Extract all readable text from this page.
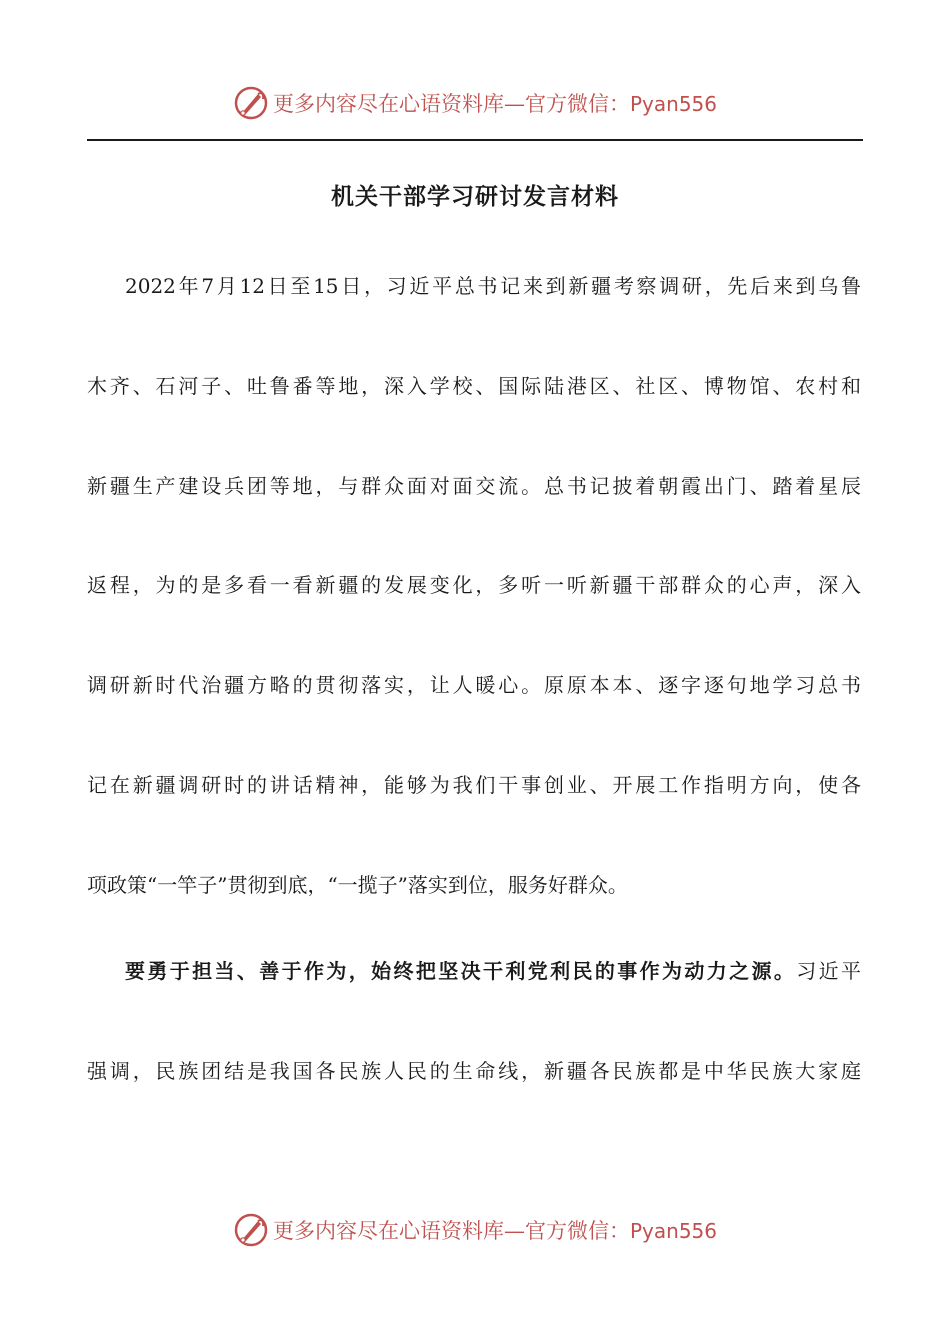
更多内容尽在心语资料库—官方微信：Pyan556
机关干部学习研讨发言材料
2022年7月12日至15日，习近平总书记来到新疆考察调研，先后来到乌鲁
木齐、石河子、吐鲁番等地，深入学校、国际陆港区、社区、博物馆、农村和
新疆生产建设兵团等地，与群众面对面交流。总书记披着朝霞出门、踏着星辰
返程，为的是多看一看新疆的发展变化，多听一听新疆干部群众的心声，深入
调研新时代治疆方略的贯彻落实，让人暖心。原原本本、逐字逐句地学习总书
记在新疆调研时的讲话精神，能够为我们干事创业、开展工作指明方向，使各
项政策“一竿子”贯彻到底，“一揽子”落实到位，服务好群众。
要勇于担当、善于作为，始终把坚决干利党利民的事作为动力之源。习近平
强调，民族团结是我国各民族人民的生命线，新疆各民族都是中华民族大家庭
更多内容尽在心语资料库—官方微信：Pyan556
